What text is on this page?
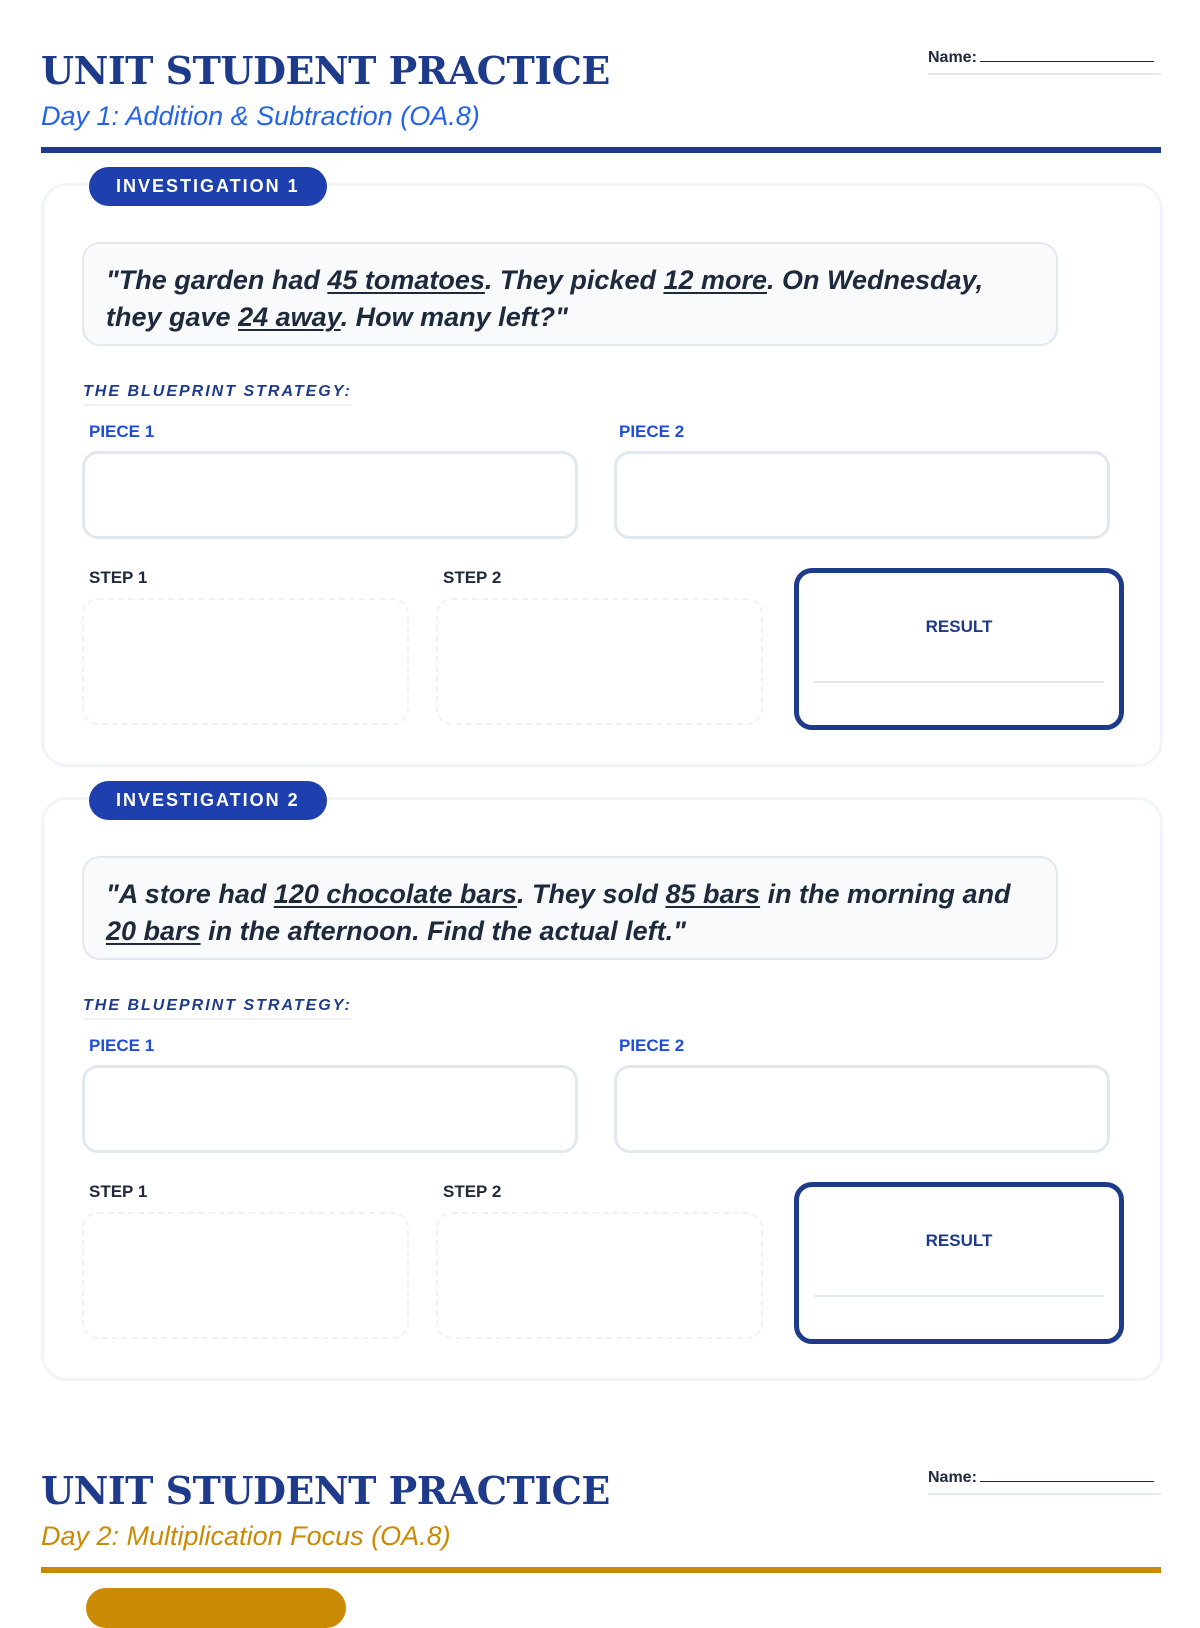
UNIT STUDENT PRACTICE
Day 1: Addition & Subtraction (OA.8)
Name:
INVESTIGATION 1
"The garden had 45 tomatoes. They picked 12 more. On Wednesday, they gave 24 away. How many left?"
THE BLUEPRINT STRATEGY:
PIECE 1	PIECE 2
STEP 1	STEP 2
RESULT
INVESTIGATION 2
"A store had 120 chocolate bars. They sold 85 bars in the morning and 20 bars in the afternoon. Find the actual left."
THE BLUEPRINT STRATEGY:
PIECE 1	PIECE 2
STEP 1	STEP 2
RESULT
UNIT STUDENT PRACTICE
Day 2: Multiplication Focus (OA.8)
Name:
